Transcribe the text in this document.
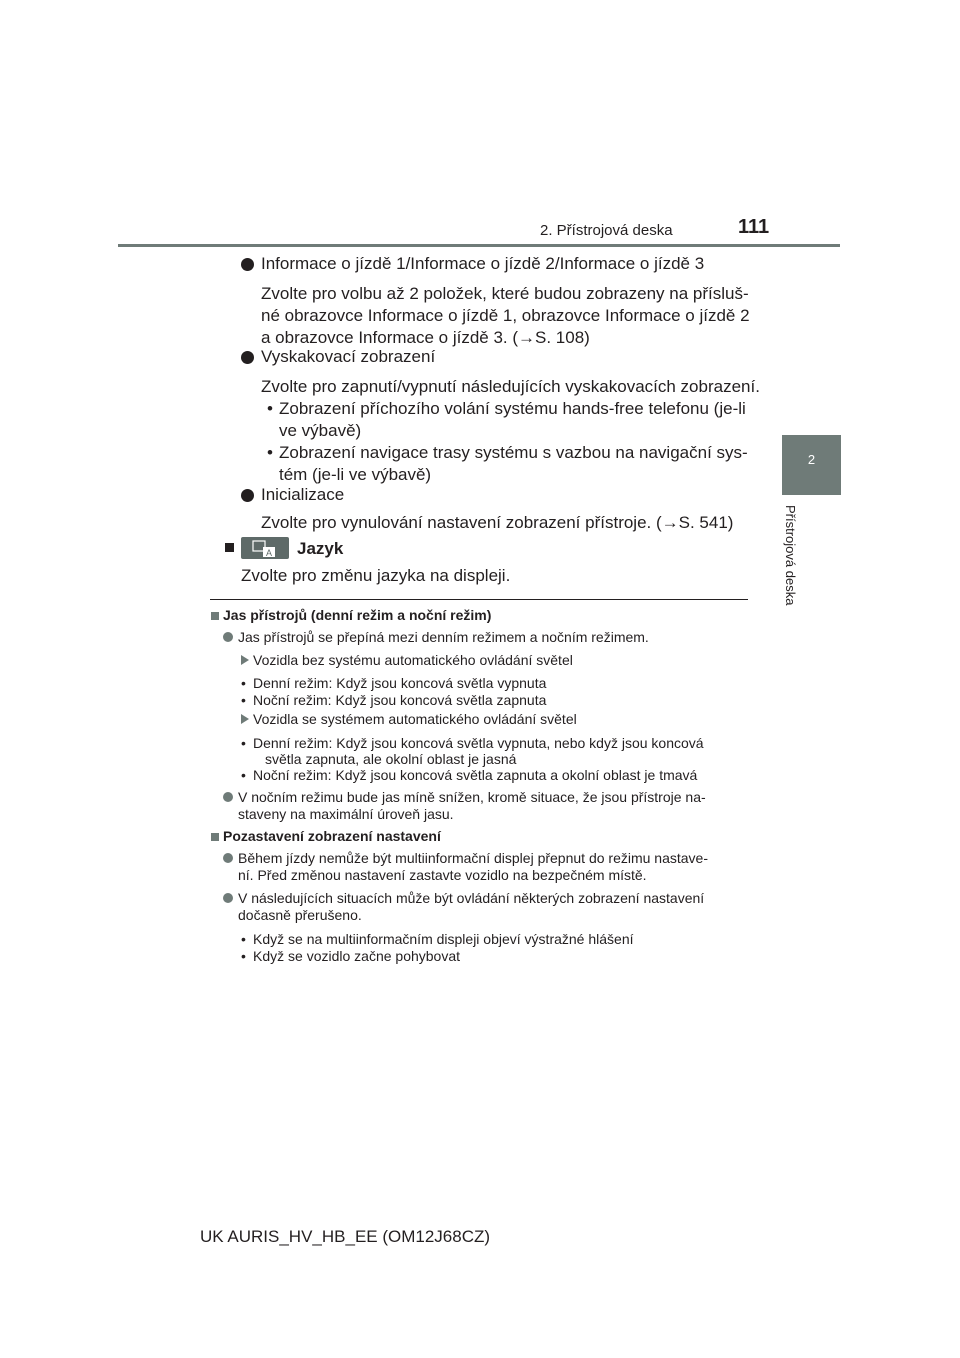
2. Přístrojová deska	111
2
Přístrojová deska
Informace o jízdě 1/Informace o jízdě 2/Informace o jízdě 3
Zvolte pro volbu až 2 položek, které budou zobrazeny na přísluš-
né obrazovce Informace o jízdě 1, obrazovce Informace o jízdě 2
a obrazovce Informace o jízdě 3. (→S. 108)
Vyskakovací zobrazení
Zvolte pro zapnutí/vypnutí následujících vyskakovacích zobrazení.
• Zobrazení příchozího volání systému hands-free telefonu (je-li
ve výbavě)
• Zobrazení navigace trasy systému s vazbou na navigační sys-
tém (je-li ve výbavě)
Inicializace
Zvolte pro vynulování nastavení zobrazení přístroje. (→S. 541)
A Jazyk
Zvolte pro změnu jazyka na displeji.
Jas přístrojů (denní režim a noční režim)
Jas přístrojů se přepíná mezi denním režimem a nočním režimem.
Vozidla bez systému automatického ovládání světel
• Denní režim: Když jsou koncová světla vypnuta
• Noční režim: Když jsou koncová světla zapnuta
Vozidla se systémem automatického ovládání světel
• Denní režim: Když jsou koncová světla vypnuta, nebo když jsou koncová
světla zapnuta, ale okolní oblast je jasná
• Noční režim: Když jsou koncová světla zapnuta a okolní oblast je tmavá
V nočním režimu bude jas míně snížen, kromě situace, že jsou přístroje na-
staveny na maximální úroveň jasu.
Pozastavení zobrazení nastavení
Během jízdy nemůže být multiinformační displej přepnut do režimu nastave-
ní. Před změnou nastavení zastavte vozidlo na bezpečném místě.
V následujících situacích může být ovládání některých zobrazení nastavení
dočasně přerušeno.
• Když se na multiinformačním displeji objeví výstražné hlášení
• Když se vozidlo začne pohybovat
UK AURIS_HV_HB_EE (OM12J68CZ)
